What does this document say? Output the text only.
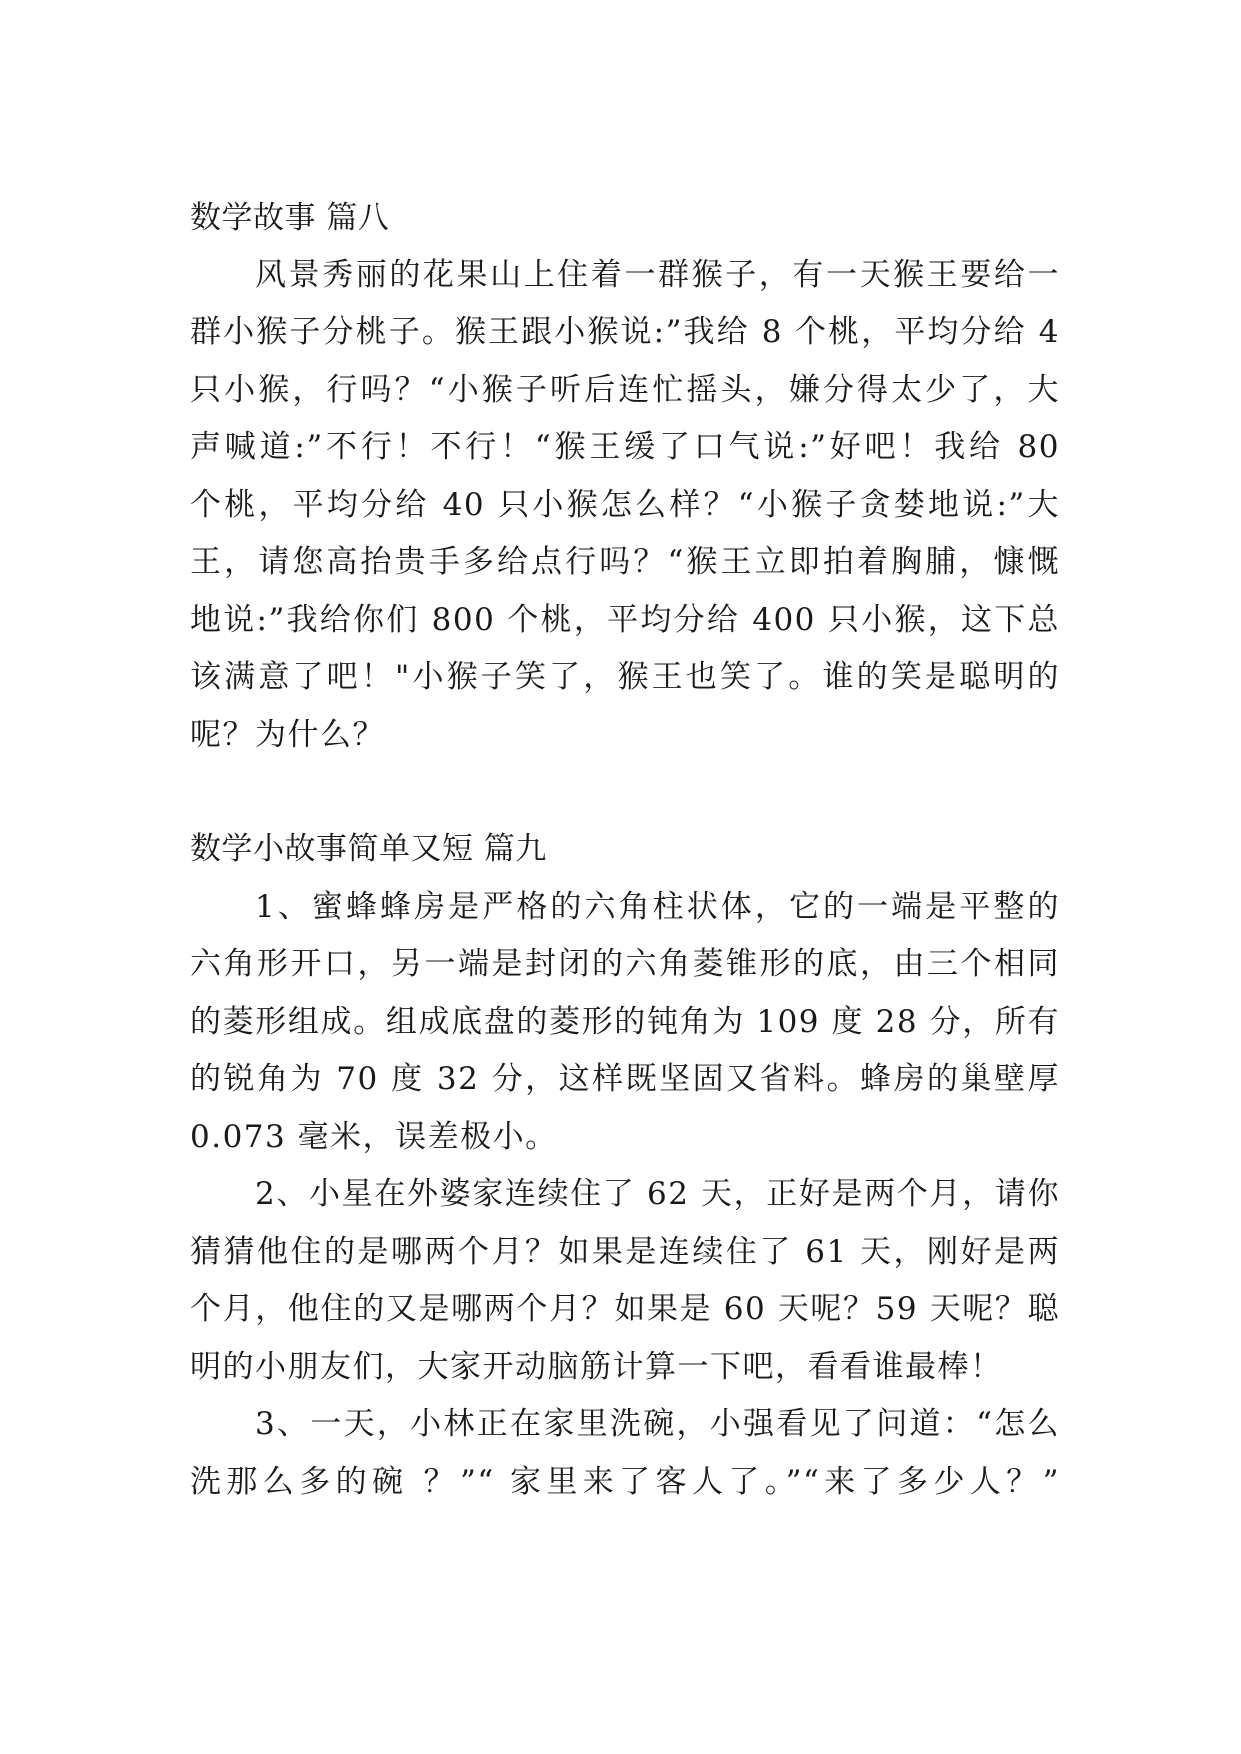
数学故事 篇八
风景秀丽的花果山上住着一群猴子，有一天猴王要给一
群小猴子分桃子。猴王跟小猴说:”我给 8 个桃，平均分给 4
只小猴，行吗？“小猴子听后连忙摇头，嫌分得太少了，大
声喊道:”不行！不行！“猴王缓了口气说:”好吧！我给 80
个桃，平均分给 40 只小猴怎么样？“小猴子贪婪地说:”大
王，请您高抬贵手多给点行吗？“猴王立即拍着胸脯，慷慨
地说:”我给你们 800 个桃，平均分给 400 只小猴，这下总
该满意了吧！"小猴子笑了，猴王也笑了。谁的笑是聪明的
呢？为什么？
数学小故事简单又短 篇九
1、蜜蜂蜂房是严格的六角柱状体，它的一端是平整的
六角形开口，另一端是封闭的六角菱锥形的底，由三个相同
的菱形组成。组成底盘的菱形的钝角为 109 度 28 分，所有
的锐角为 70 度 32 分，这样既坚固又省料。蜂房的巢壁厚
0.073 毫米，误差极小。
2、小星在外婆家连续住了 62 天，正好是两个月，请你
猜猜他住的是哪两个月？如果是连续住了 61 天，刚好是两
个月，他住的又是哪两个月？如果是 60 天呢？59 天呢？聪
明的小朋友们，大家开动脑筋计算一下吧，看看谁最棒！
3、一天，小林正在家里洗碗，小强看见了问道：“怎么
洗那么多的碗 ？”“ 家里来了客人了。”“来了多少人？”
